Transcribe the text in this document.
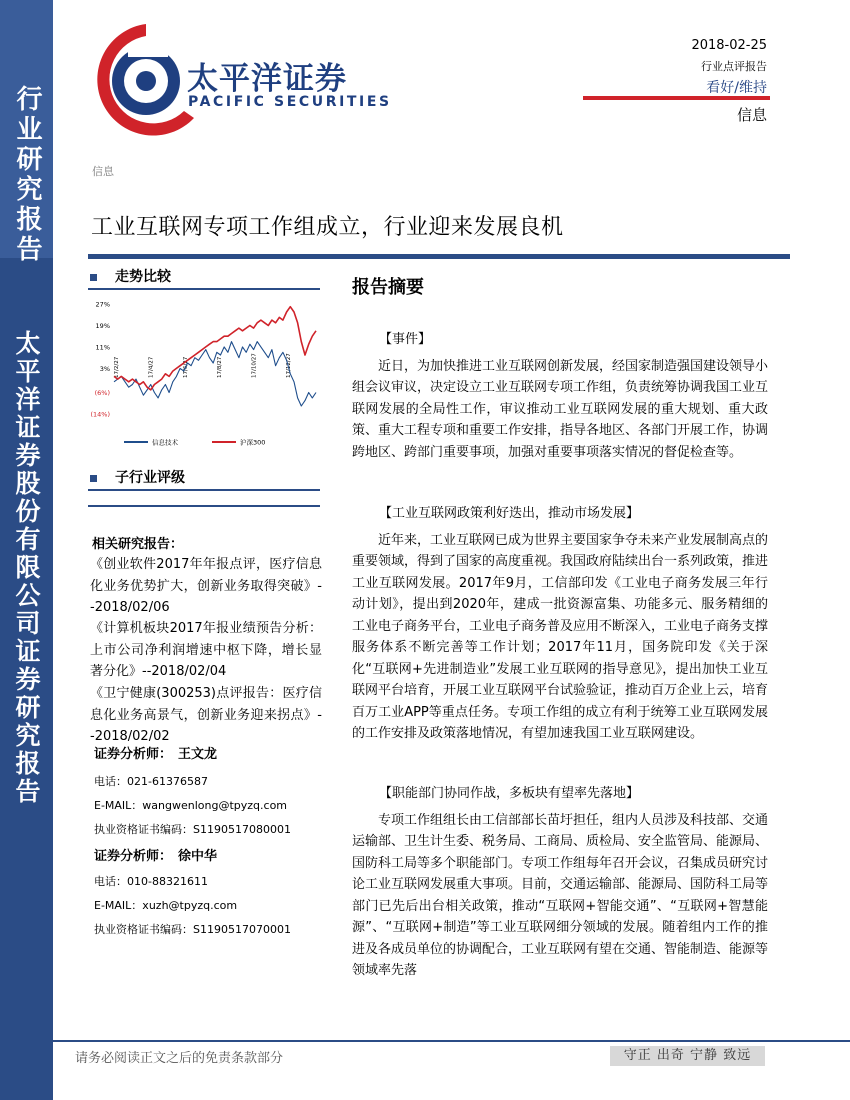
行业研究报告
太平洋证券股份有限公司证券研究报告
太平洋证券
PACIFIC SECURITIES
2018-02-25
行业点评报告
看好/维持
信息
信息
工业互联网专项工作组成立，行业迎来发展良机
走势比较
27%
19%
11%
3%
(6%)
(14%)
17/2/27	17/4/27	17/6/27	17/8/27	17/10/27	17/12/27
信息技术	沪深300
子行业评级
相关研究报告：
《创业软件2017年年报点评，医疗信息化业务优势扩大，创新业务取得突破》--2018/02/06
《计算机板块2017年报业绩预告分析：上市公司净利润增速中枢下降，增长显著分化》--2018/02/04
《卫宁健康(300253)点评报告：医疗信息化业务高景气，创新业务迎来拐点》--2018/02/02
证券分析师： 王文龙
电话：021-61376587
E-MAIL：wangwenlong@tpyzq.com
执业资格证书编码：S1190517080001
证券分析师： 徐中华
电话：010-88321611
E-MAIL：xuzh@tpyzq.com
执业资格证书编码：S1190517070001
报告摘要
【事件】
近日，为加快推进工业互联网创新发展，经国家制造强国建设领导小组会议审议，决定设立工业互联网专项工作组，负责统筹协调我国工业互联网发展的全局性工作，审议推动工业互联网发展的重大规划、重大政策、重大工程专项和重要工作安排，指导各地区、各部门开展工作，协调跨地区、跨部门重要事项，加强对重要事项落实情况的督促检查等。
【工业互联网政策利好迭出，推动市场发展】
近年来，工业互联网已成为世界主要国家争夺未来产业发展制高点的重要领域，得到了国家的高度重视。我国政府陆续出台一系列政策，推进工业互联网发展。2017年9月，工信部印发《工业电子商务发展三年行动计划》，提出到2020年，建成一批资源富集、功能多元、服务精细的工业电子商务平台，工业电子商务普及应用不断深入，工业电子商务支撑服务体系不断完善等工作计划；2017年11月，国务院印发《关于深化“互联网+先进制造业”发展工业互联网的指导意见》，提出加快工业互联网平台培育，开展工业互联网平台试验验证，推动百万企业上云，培育百万工业APP等重点任务。专项工作组的成立有利于统筹工业互联网发展的工作安排及政策落地情况，有望加速我国工业互联网建设。
【职能部门协同作战，多板块有望率先落地】
专项工作组组长由工信部部长苗圩担任，组内人员涉及科技部、交通运输部、卫生计生委、税务局、工商局、质检局、安全监管局、能源局、国防科工局等多个职能部门。专项工作组每年召开会议，召集成员研究讨论工业互联网发展重大事项。目前，交通运输部、能源局、国防科工局等部门已先后出台相关政策，推动“互联网+智能交通”、“互联网+智慧能源”、“互联网+制造”等工业互联网细分领域的发展。随着组内工作的推进及各成员单位的协调配合，工业互联网有望在交通、智能制造、能源等领域率先落
请务必阅读正文之后的免责条款部分	守正 出奇 宁静 致远
